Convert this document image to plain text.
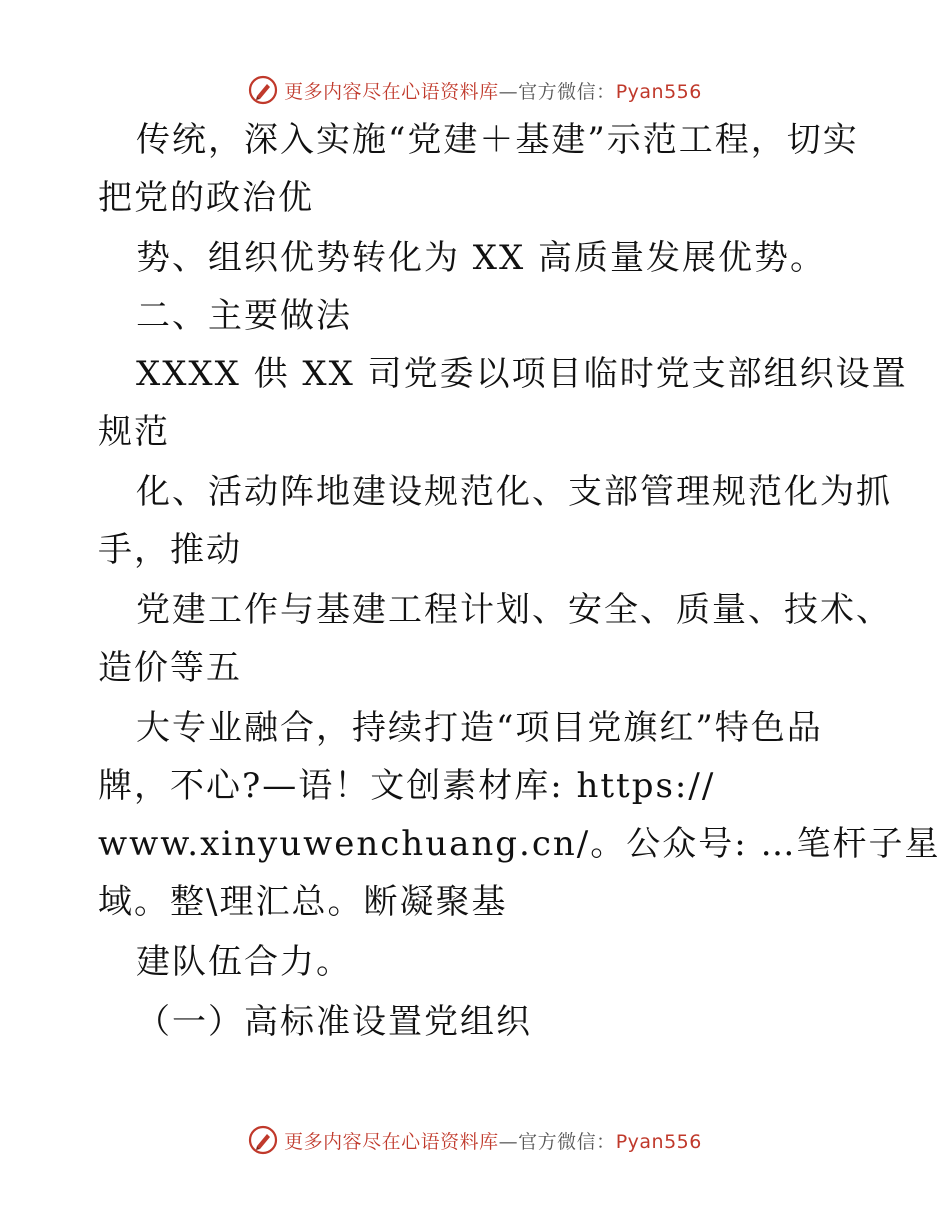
更多内容尽在心语资料库—官方微信：Pyan556
传统，深入实施“党建＋基建”示范工程，切实
把党的政治优
势、组织优势转化为 XX 高质量发展优势。
二、主要做法
XXXX 供 XX 司党委以项目临时党支部组织设置
规范
化、活动阵地建设规范化、支部管理规范化为抓
手，推动
党建工作与基建工程计划、安全、质量、技术、
造价等五
大专业融合，持续打造“项目党旗红”特色品
牌，不心?—语！文创素材库: https://
www.xinyuwenchuang.cn/。公众号: …笔杆子星
域。整\理汇总。断凝聚基
建队伍合力。
（一）高标准设置党组织
更多内容尽在心语资料库—官方微信：Pyan556
